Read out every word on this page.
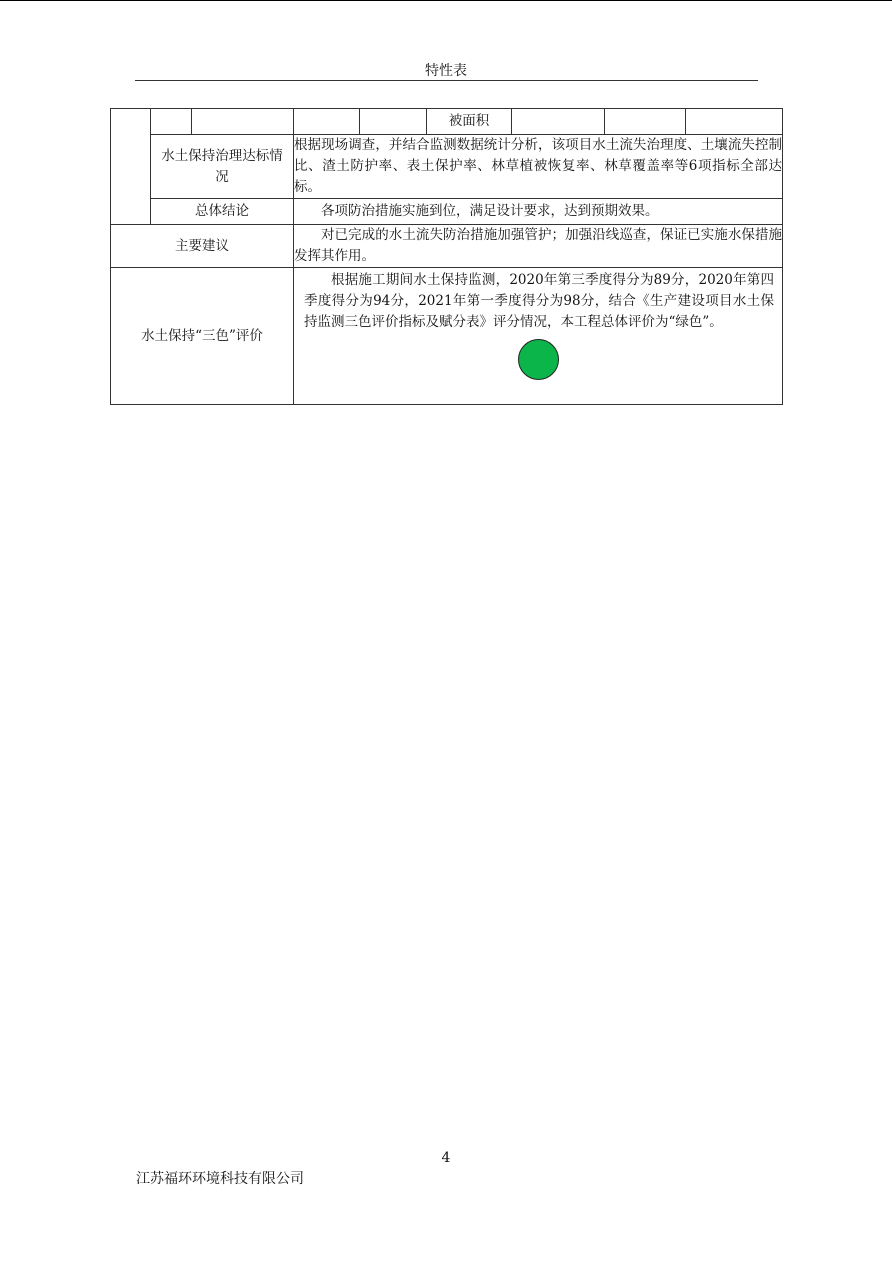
特性表
					被面积			
	水土保持治理达标情况		根据现场调查，并结合监测数据统计分析，该项目水土流失治理度、土壤流失控制比、渣土防护率、表土保护率、林草植被恢复率、林草覆盖率等6项指标全部达标。					
	总体结论		各项防治措施实施到位，满足设计要求，达到预期效果。					
主要建议			对已完成的水土流失防治措施加强管护；加强沿线巡查，保证已实施水保措施发挥其作用。					
水土保持“三色”评价			根据施工期间水土保持监测，2020年第三季度得分为89分，2020年第四季度得分为94分，2021年第一季度得分为98分，结合《生产建设项目水土保持监测三色评价指标及赋分表》评分情况，本工程总体评价为“绿色”。					
4
江苏福环环境科技有限公司
